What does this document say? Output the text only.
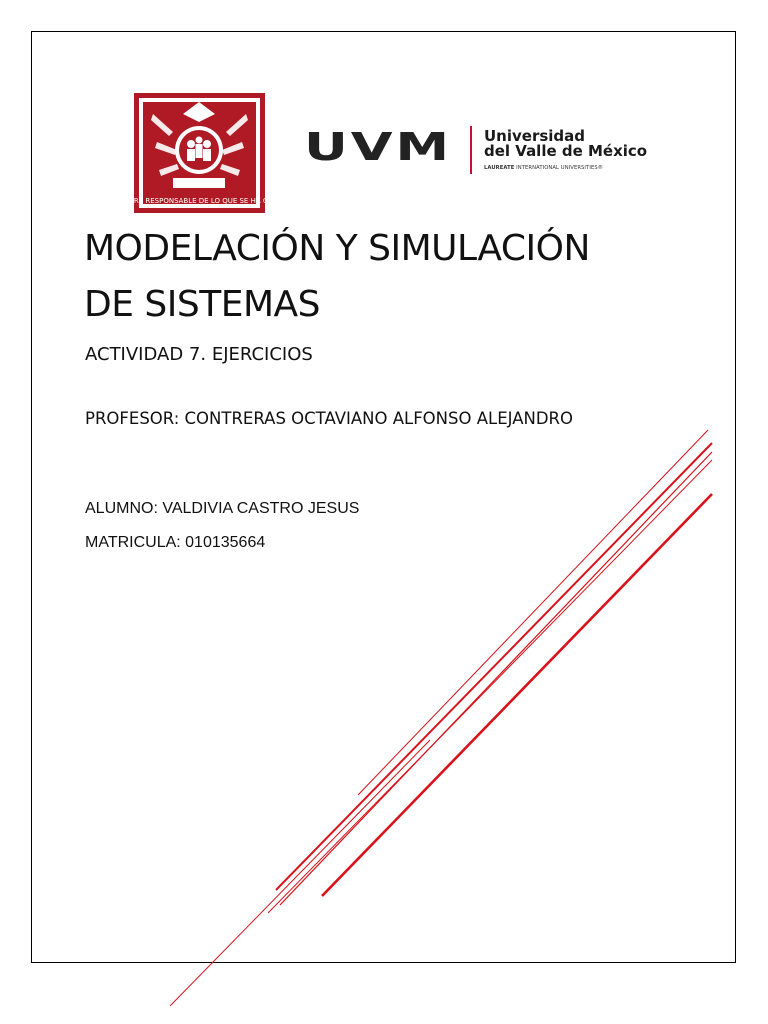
POR SIEMPRE RESPONSABLE DE LO QUE SE HA CULTIVADO
UVM Universidad
del Valle de México
LAUREATE INTERNATIONAL UNIVERSITIES®
MODELACIÓN Y SIMULACIÓN
DE SISTEMAS
ACTIVIDAD 7. EJERCICIOS
PROFESOR: CONTRERAS OCTAVIANO ALFONSO ALEJANDRO
ALUMNO: VALDIVIA CASTRO JESUS
MATRICULA: 010135664
